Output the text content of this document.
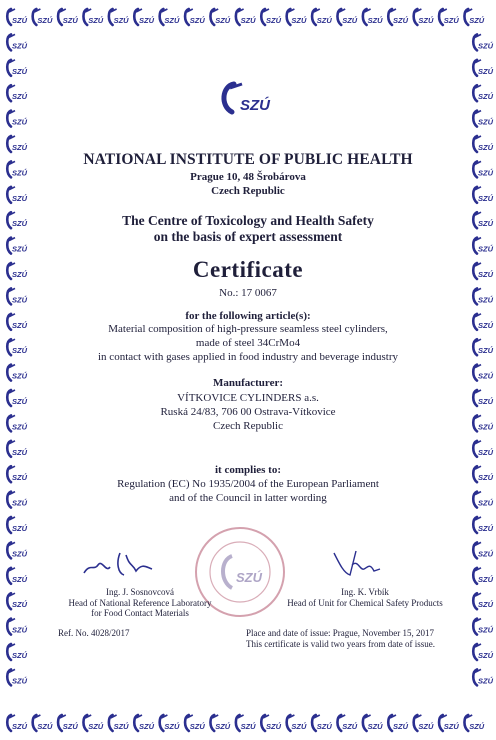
SZÚ
SZÚ
SZÚ
SZÚ
SZÚ
SZÚ
SZÚ
SZÚ
SZÚ
SZÚ
SZÚ
SZÚ
SZÚ
SZÚ
SZÚ
SZÚ
SZÚ
SZÚ
SZÚ
SZÚ
SZÚ
SZÚ
SZÚ
SZÚ
SZÚ
SZÚ
SZÚ
SZÚ
SZÚ
SZÚ
SZÚ
SZÚ
SZÚ
SZÚ
SZÚ
SZÚ
SZÚ
SZÚ
SZÚ	SZÚ
SZÚ	SZÚ
SZÚ	SZÚ
SZÚ	SZÚ
SZÚ	SZÚ
SZÚ	SZÚ
SZÚ	SZÚ
SZÚ	SZÚ
SZÚ	SZÚ
SZÚ	SZÚ
SZÚ	SZÚ
SZÚ	SZÚ
SZÚ	SZÚ
SZÚ	SZÚ
SZÚ	SZÚ
SZÚ	SZÚ
SZÚ	SZÚ
SZÚ	SZÚ
SZÚ	SZÚ
SZÚ	SZÚ
SZÚ	SZÚ
SZÚ	SZÚ
SZÚ	SZÚ
SZÚ	SZÚ
SZÚ	SZÚ
SZÚ	SZÚ
SZÚ
NATIONAL INSTITUTE OF PUBLIC HEALTH
Prague 10, 48 Šrobárova
Czech Republic
The Centre of Toxicology and Health Safety
on the basis of expert assessment
Certificate
No.: 17 0067
for the following article(s):
Material composition of high-pressure seamless steel cylinders,
made of steel 34CrMo4
in contact with gases applied in food industry and beverage industry
Manufacturer:
VÍTKOVICE CYLINDERS a.s.
Ruská 24/83, 706 00 Ostrava-Vítkovice
Czech Republic
it complies to:
Regulation (EC) No 1935/2004 of the European Parliament
and of the Council in latter wording
SZÚ
Ing. J. Sosnovcová
Head of National Reference Laboratory
for Food Contact Materials
Ing. K. Vrbík
Head of Unit for Chemical Safety Products
Ref. No. 4028/2017	Place and date of issue: Prague, November 15, 2017
This certificate is valid two years from date of issue.
